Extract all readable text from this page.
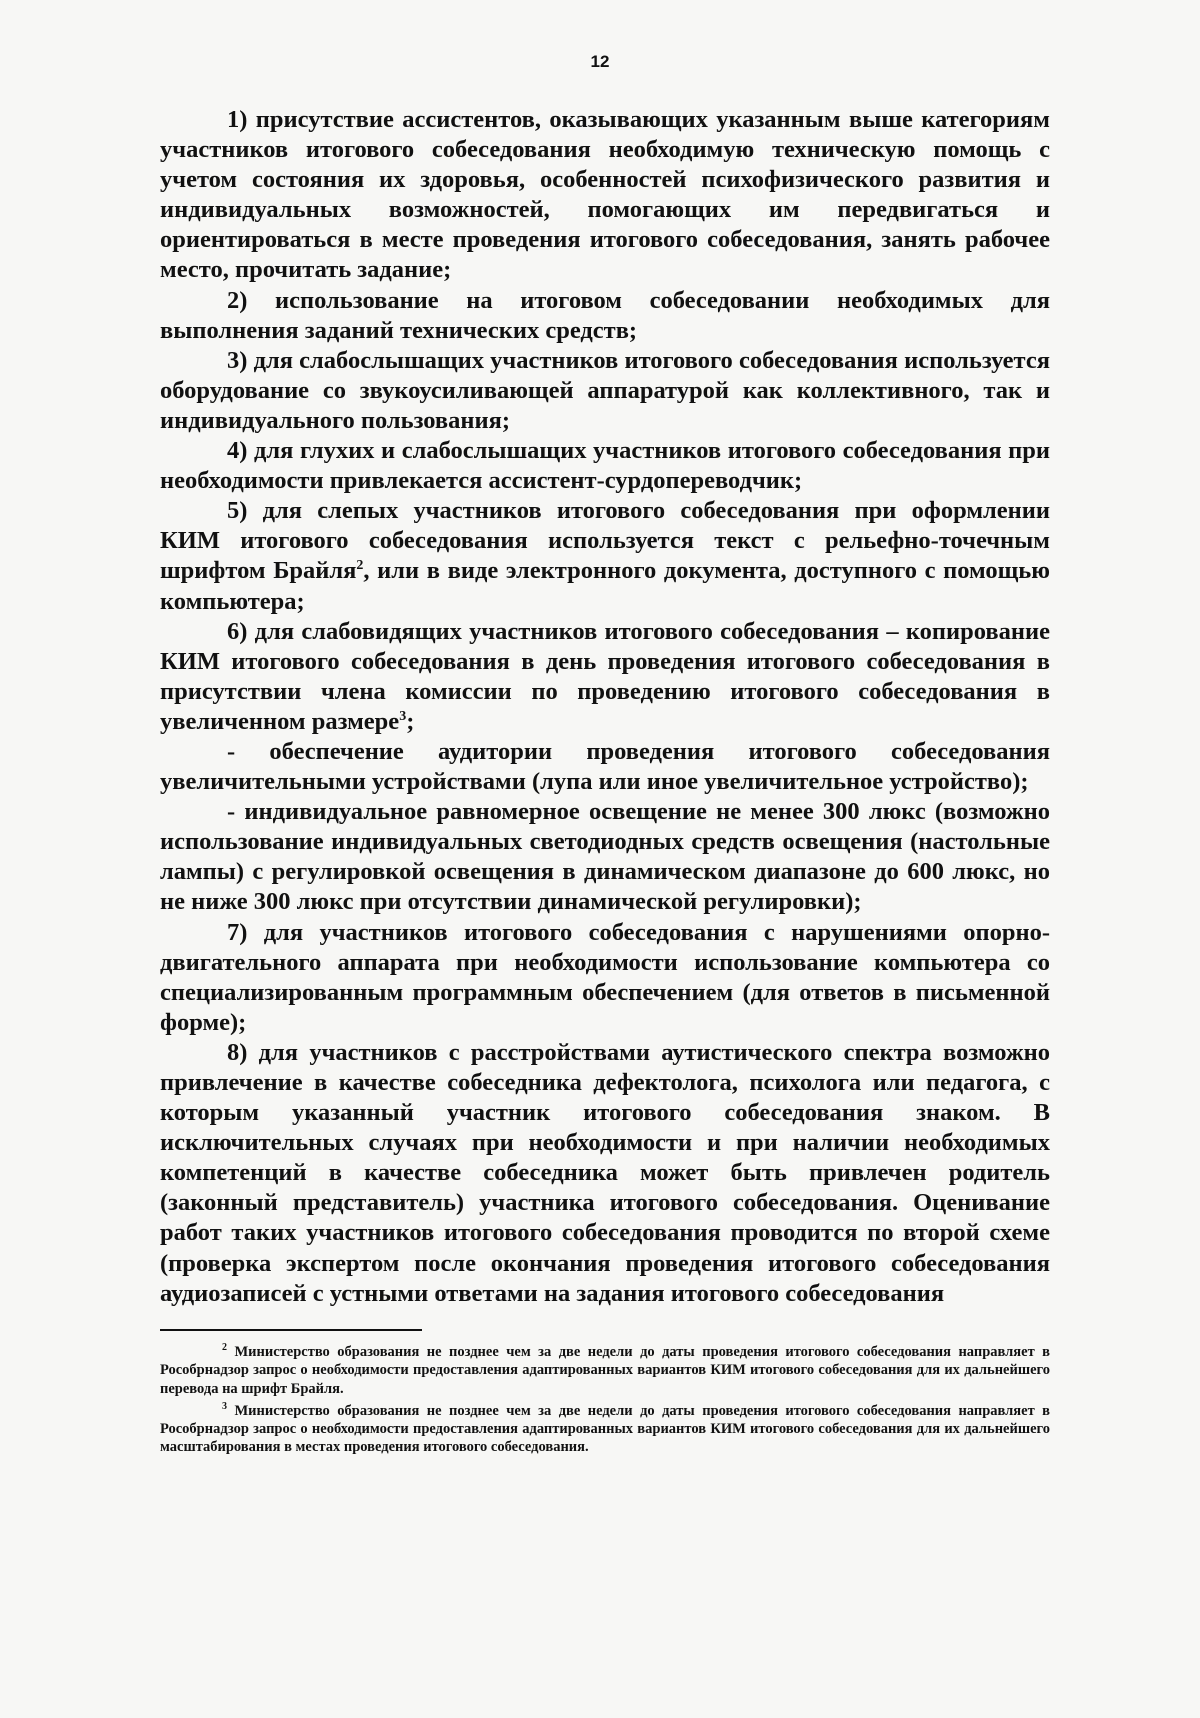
12

1) присутствие ассистентов, оказывающих указанным выше категориям участников итогового собеседования необходимую техническую помощь с учетом состояния их здоровья, особенностей психофизического развития и индивидуальных возможностей, помогающих им передвигаться и ориентироваться в месте проведения итогового собеседования, занять рабочее место, прочитать задание;

2) использование на итоговом собеседовании необходимых для выполнения заданий технических средств;

3) для слабослышащих участников итогового собеседования используется оборудование со звукоусиливающей аппаратурой как коллективного, так и индивидуального пользования;

4) для глухих и слабослышащих участников итогового собеседования при необходимости привлекается ассистент-сурдопереводчик;

5) для слепых участников итогового собеседования при оформлении КИМ итогового собеседования используется текст с рельефно-точечным шрифтом Брайля$^2$, или в виде электронного документа, доступного с помощью компьютера;

6) для слабовидящих участников итогового собеседования – копирование КИМ итогового собеседования в день проведения итогового собеседования в присутствии члена комиссии по проведению итогового собеседования в увеличенном размере$^3$;

- обеспечение аудитории проведения итогового собеседования увеличительными устройствами (лупа или иное увеличительное устройство);

- индивидуальное равномерное освещение не менее 300 люкс (возможно использование индивидуальных светодиодных средств освещения (настольные лампы) с регулировкой освещения в динамическом диапазоне до 600 люкс, но не ниже 300 люкс при отсутствии динамической регулировки);

7) для участников итогового собеседования с нарушениями опорно-двигательного аппарата при необходимости использование компьютера со специализированным программным обеспечением (для ответов в письменной форме);

8) для участников с расстройствами аутистического спектра возможно привлечение в качестве собеседника дефектолога, психолога или педагога, с которым указанный участник итогового собеседования знаком. В исключительных случаях при необходимости и при наличии необходимых компетенций в качестве собеседника может быть привлечен родитель (законный представитель) участника итогового собеседования. Оценивание работ таких участников итогового собеседования проводится по второй схеме (проверка экспертом после окончания проведения итогового собеседования аудиозаписей с устными ответами на задания итогового собеседования

$^2$ Министерство образования не позднее чем за две недели до даты проведения итогового собеседования направляет в Рособрнадзор запрос о необходимости предоставления адаптированных вариантов КИМ итогового собеседования для их дальнейшего перевода на шрифт Брайля.

$^3$ Министерство образования не позднее чем за две недели до даты проведения итогового собеседования направляет в Рособрнадзор запрос о необходимости предоставления адаптированных вариантов КИМ итогового собеседования для их дальнейшего масштабирования в местах проведения итогового собеседования.
